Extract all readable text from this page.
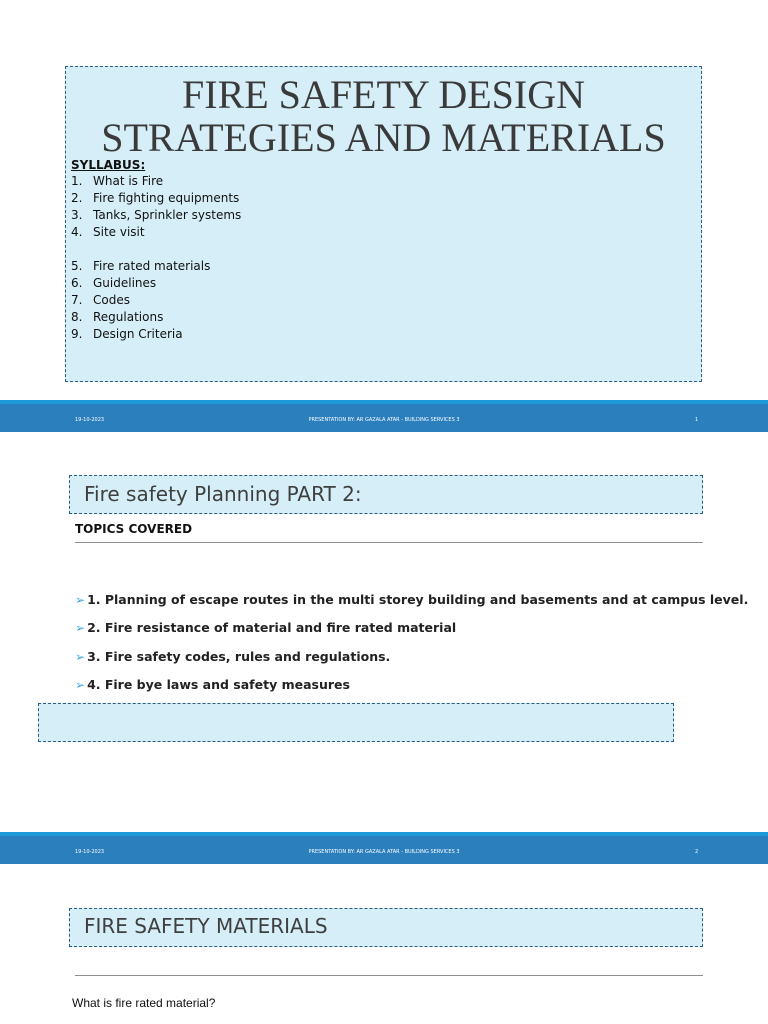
FIRE SAFETY DESIGN
STRATEGIES AND MATERIALS
SYLLABUS:
1. What is Fire
2. Fire fighting equipments
3. Tanks, Sprinkler systems
4. Site visit
5. Fire rated materials
6. Guidelines
7. Codes
8. Regulations
9. Design Criteria
19-10-2023	PRESENTATION BY: AR GAZALA ATAR - BUILDING SERVICES 3	1
Fire safety Planning PART 2:
TOPICS COVERED
➢ 1. Planning of escape routes in the multi storey building and basements and at campus level.
➢ 2. Fire resistance of material and fire rated material
➢ 3. Fire safety codes, rules and regulations.
➢ 4. Fire bye laws and safety measures
19-10-2023	PRESENTATION BY: AR GAZALA ATAR - BUILDING SERVICES 3	2
FIRE SAFETY MATERIALS
What is fire rated material?
